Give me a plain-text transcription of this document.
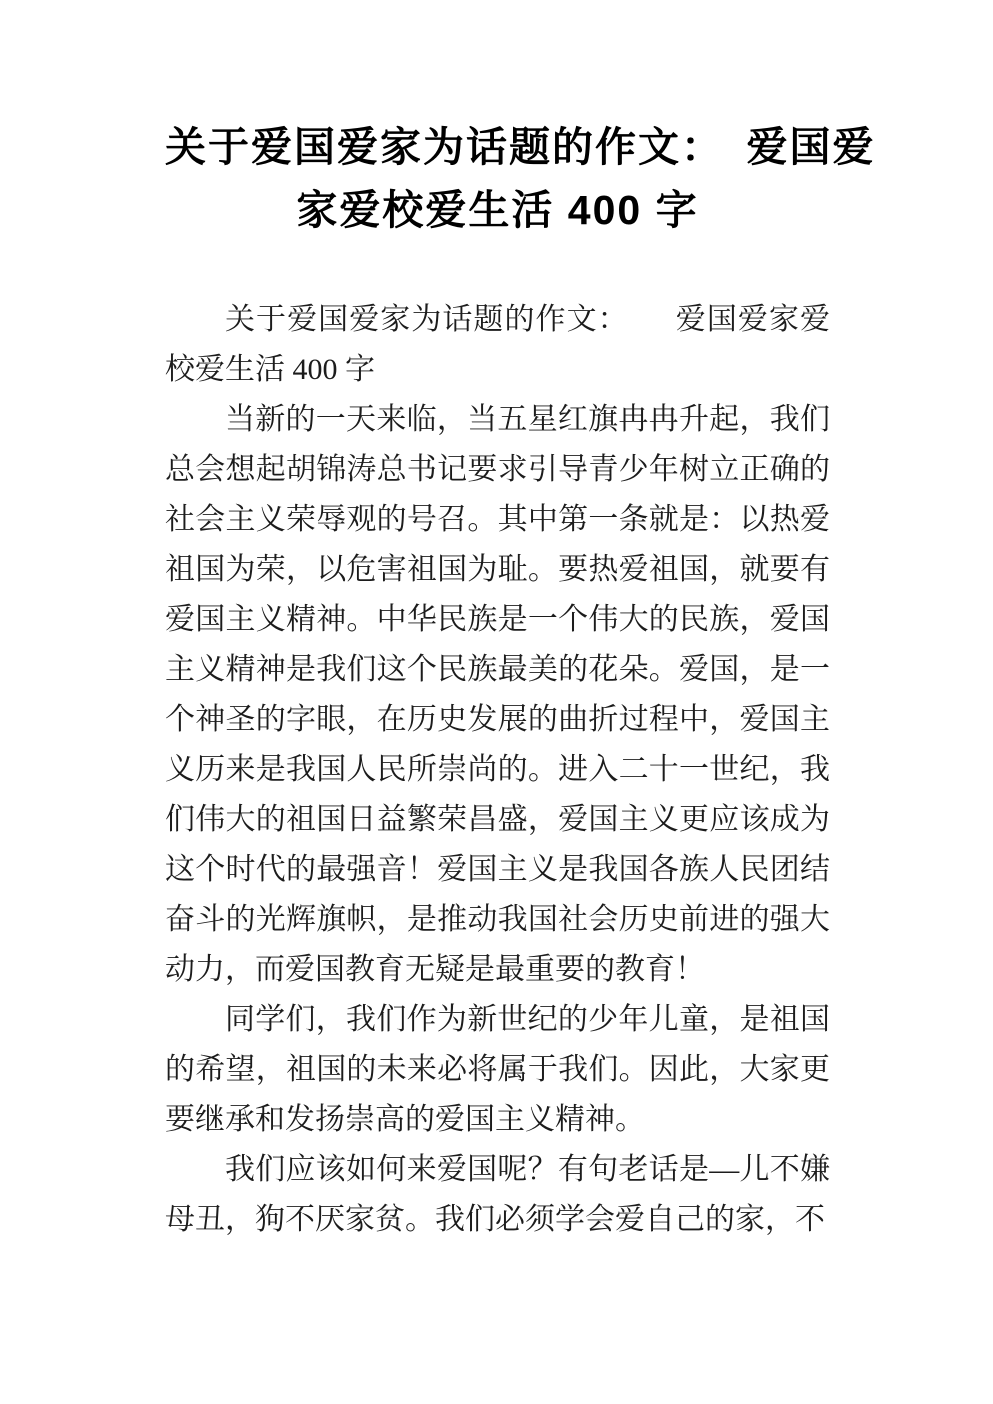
关于爱国爱家为话题的作文：　爱国爱
家爱校爱生活 400 字

关于爱国爱家为话题的作文：　　爱国爱家爱校爱生活 400 字

当新的一天来临，当五星红旗冉冉升起，我们总会想起胡锦涛总书记要求引导青少年树立正确的社会主义荣辱观的号召。其中第一条就是：以热爱祖国为荣，以危害祖国为耻。要热爱祖国，就要有爱国主义精神。中华民族是一个伟大的民族，爱国主义精神是我们这个民族最美的花朵。爱国，是一个神圣的字眼，在历史发展的曲折过程中，爱国主义历来是我国人民所崇尚的。进入二十一世纪，我们伟大的祖国日益繁荣昌盛，爱国主义更应该成为这个时代的最强音！爱国主义是我国各族人民团结奋斗的光辉旗帜，是推动我国社会历史前进的强大动力，而爱国教育无疑是最重要的教育！

同学们，我们作为新世纪的少年儿童，是祖国的希望，祖国的未来必将属于我们。因此，大家更要继承和发扬崇高的爱国主义精神。

我们应该如何来爱国呢？有句老话是—儿不嫌母丑，狗不厌家贫。我们必须学会爱自己的家，不
